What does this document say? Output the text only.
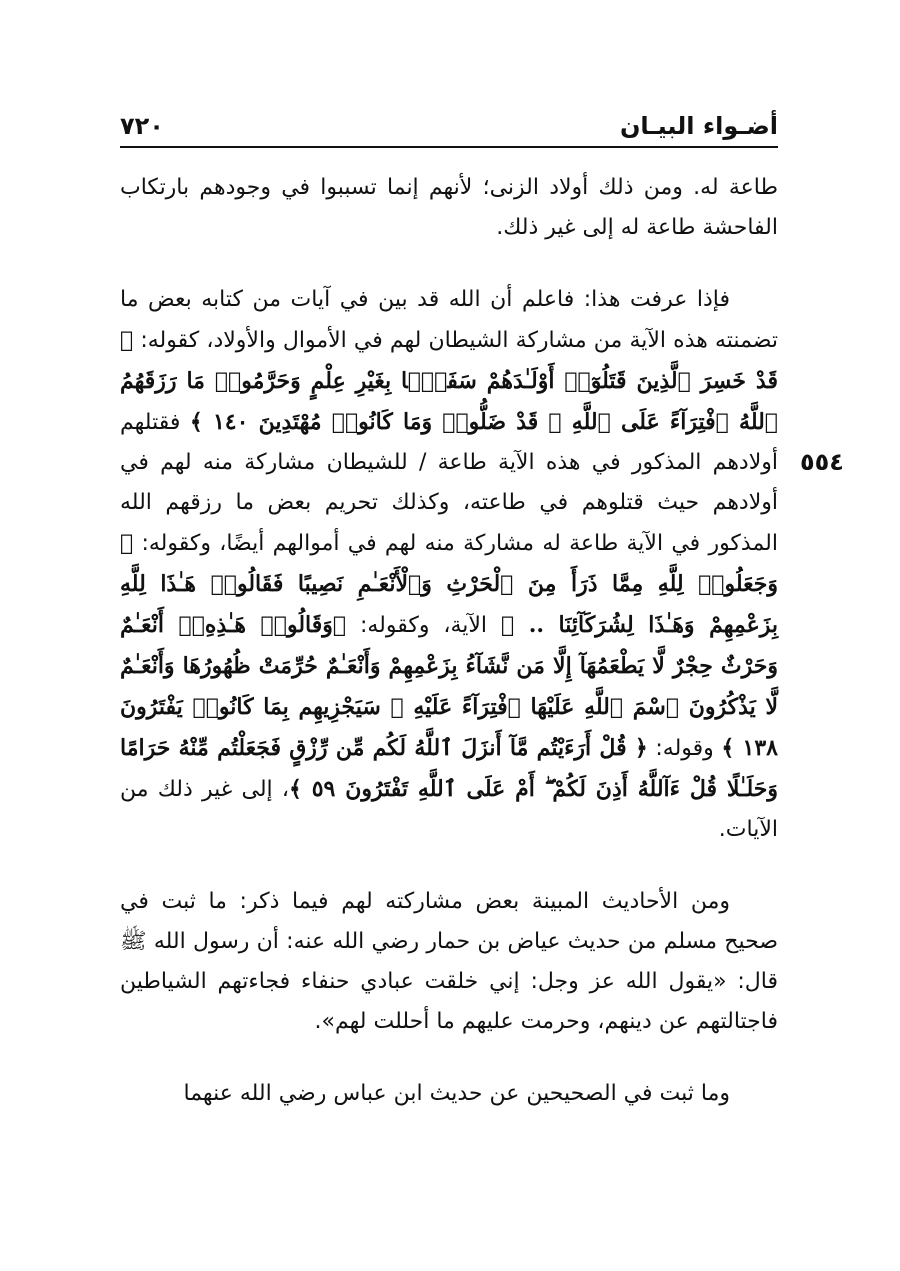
أضـواء البيـان
٧٢٠
٥٥٤

طاعة له. ومن ذلك أولاد الزنى؛ لأنهم إنما تسببوا في وجودهم بارتكاب الفاحشة طاعة له إلى غير ذلك.

فإذا عرفت هذا: فاعلم أن الله قد بين في آيات من كتابه بعض ما تضمنته هذه الآية من مشاركة الشيطان لهم في الأموال والأولاد، كقوله: ﴿ قَدْ خَسِرَ ٱلَّذِينَ قَتَلُوٓا۟ أَوْلَـٰدَهُمْ سَفَهًۢا بِغَيْرِ عِلْمٍ وَحَرَّمُوا۟ مَا رَزَقَهُمُ ٱللَّهُ ٱفْتِرَآءً عَلَى ٱللَّهِ ۚ قَدْ ضَلُّوا۟ وَمَا كَانُوا۟ مُهْتَدِينَ ١٤٠ ﴾ فقتلهم أولادهم المذكور في هذه الآية طاعة / للشيطان مشاركة منه لهم في أولادهم حيث قتلوهم في طاعته، وكذلك تحريم بعض ما رزقهم الله المذكور في الآية طاعة له مشاركة منه لهم في أموالهم أيضًا، وكقوله: ﴿ وَجَعَلُوا۟ لِلَّهِ مِمَّا ذَرَأَ مِنَ ٱلْحَرْثِ وَٱلْأَنْعَـٰمِ نَصِيبًا فَقَالُوا۟ هَـٰذَا لِلَّهِ بِزَعْمِهِمْ وَهَـٰذَا لِشُرَكَآئِنَا .. ﴾ الآية، وكقوله: ﴿وَقَالُوا۟ هَـٰذِهِۦٓ أَنْعَـٰمٌ وَحَرْثٌ حِجْرٌ لَّا يَطْعَمُهَآ إِلَّا مَن نَّشَآءُ بِزَعْمِهِمْ وَأَنْعَـٰمٌ حُرِّمَتْ ظُهُورُهَا وَأَنْعَـٰمٌ لَّا يَذْكُرُونَ ٱسْمَ ٱللَّهِ عَلَيْهَا ٱفْتِرَآءً عَلَيْهِ ۚ سَيَجْزِيهِم بِمَا كَانُوا۟ يَفْتَرُونَ ١٣٨ ﴾ وقوله: ﴿ قُلْ أَرَءَيْتُم مَّآ أَنزَلَ ٱللَّهُ لَكُم مِّن رِّزْقٍ فَجَعَلْتُم مِّنْهُ حَرَامًا وَحَلَـٰلًا قُلْ ءَآللَّهُ أَذِنَ لَكُمْ ۖ أَمْ عَلَى ٱللَّهِ تَفْتَرُونَ ٥٩ ﴾، إلى غير ذلك من الآيات.

ومن الأحاديث المبينة بعض مشاركته لهم فيما ذكر: ما ثبت في صحيح مسلم من حديث عياض بن حمار رضي الله عنه: أن رسول الله ﷺ قال: «يقول الله عز وجل: إني خلقت عبادي حنفاء فجاءتهم الشياطين فاجتالتهم عن دينهم، وحرمت عليهم ما أحللت لهم».

وما ثبت في الصحيحين عن حديث ابن عباس رضي الله عنهما
